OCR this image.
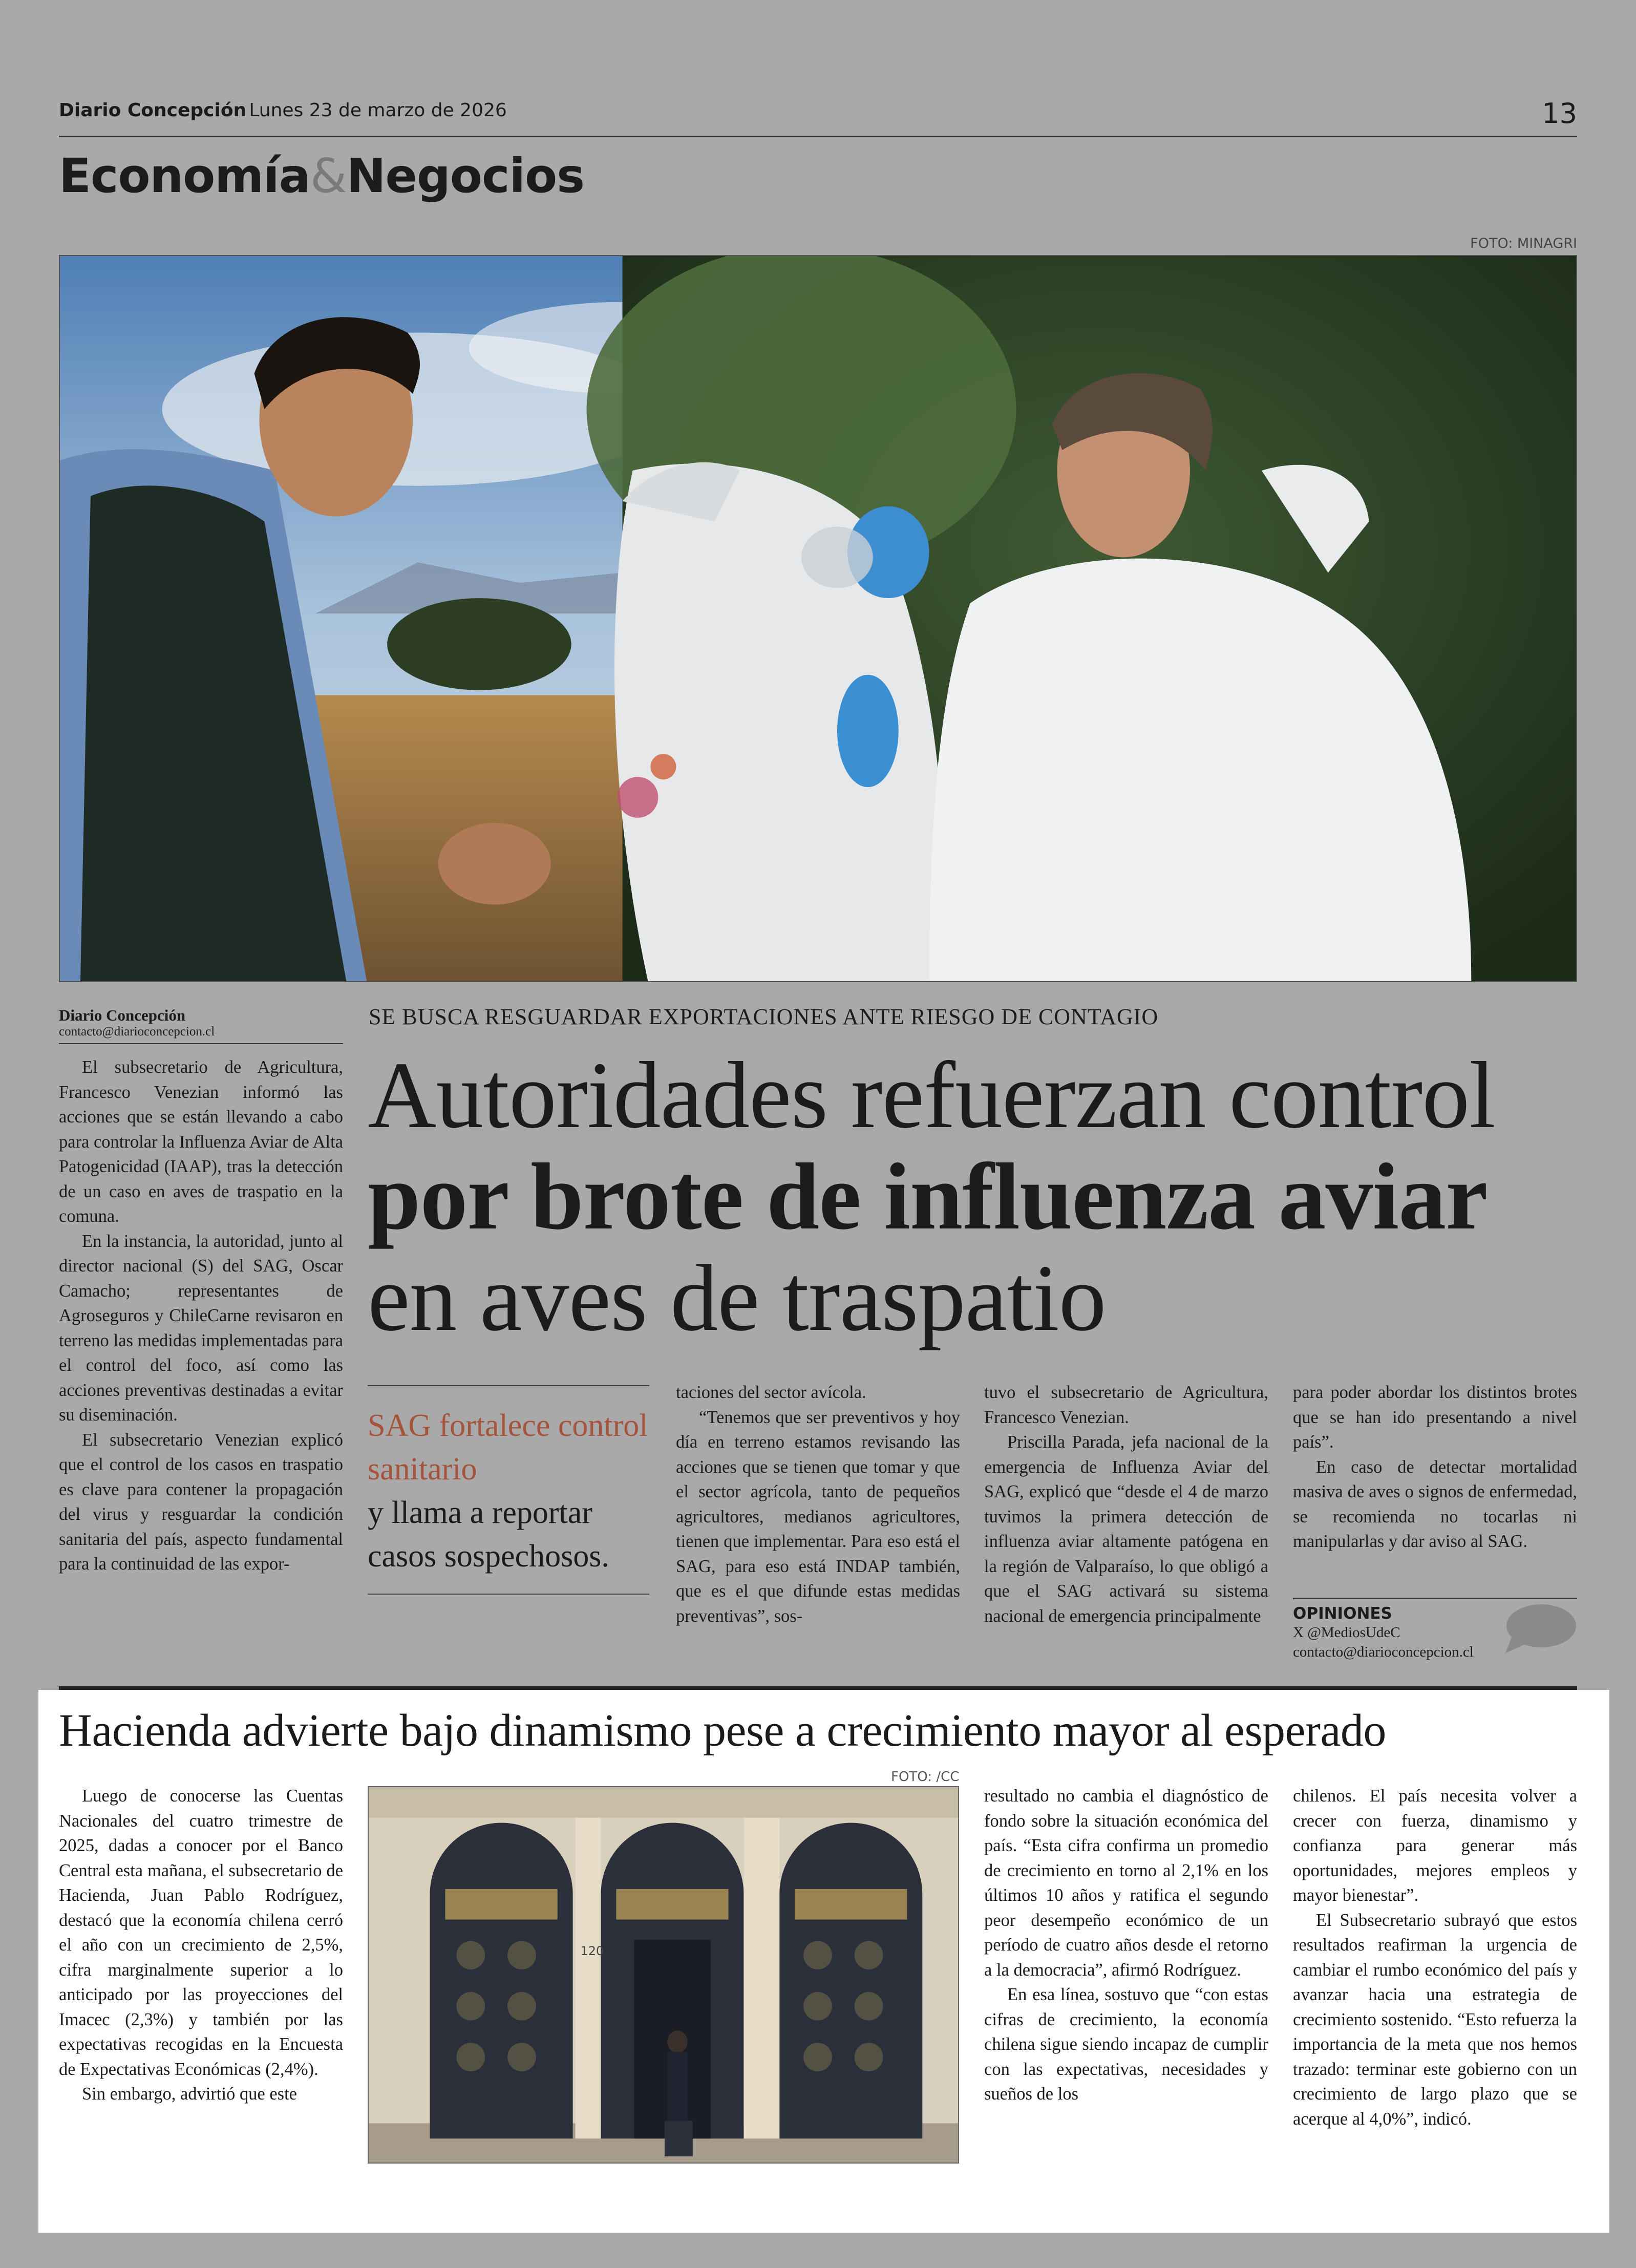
Diario Concepción Lunes 23 de marzo de 2026	13
Economía&Negocios
FOTO: MINAGRI
Diario Concepción
contacto@diarioconcepcion.cl

El subsecretario de Agricultura, Francesco Venezian informó las acciones que se están llevando a cabo para controlar la Influenza Aviar de Alta Patogenicidad (IAAP), tras la detección de un caso en aves de traspatio en la comuna.

En la instancia, la autoridad, junto al director nacional (S) del SAG, Oscar Camacho; representantes de Agroseguros y ChileCarne revisaron en terreno las medidas implementadas para el control del foco, así como las acciones preventivas destinadas a evitar su diseminación.

El subsecretario Venezian explicó que el control de los casos en traspatio es clave para contener la propagación del virus y resguardar la condición sanitaria del país, aspecto fundamental para la continuidad de las expor-

SE BUSCA RESGUARDAR EXPORTACIONES ANTE RIESGO DE CONTAGIO
Autoridades refuerzan control
por brote de influenza aviar
en aves de traspatio
SAG fortalece control sanitario
y llama a reportar casos sospechosos.
taciones del sector avícola.

“Tenemos que ser preventivos y hoy día en terreno estamos revisando las acciones que se tienen que tomar y que el sector agrícola, tanto de pequeños agricultores, medianos agricultores, tienen que implementar. Para eso está el SAG, para eso está INDAP también, que es el que difunde estas medidas preventivas”, sos-

tuvo el subsecretario de Agricultura, Francesco Venezian.

Priscilla Parada, jefa nacional de la emergencia de Influenza Aviar del SAG, explicó que “desde el 4 de marzo tuvimos la primera detección de influenza aviar altamente patógena en la región de Valparaíso, lo que obligó a que el SAG activará su sistema nacional de emergencia principalmente

para poder abordar los distintos brotes que se han ido presentando a nivel país”.

En caso de detectar mortalidad masiva de aves o signos de enfermedad, se recomienda no tocarlas ni manipularlas y dar aviso al SAG.

OPINIONES
X @MediosUdeC
contacto@diarioconcepcion.cl
Hacienda advierte bajo dinamismo pese a crecimiento mayor al esperado

Luego de conocerse las Cuentas Nacionales del cuatro trimestre de 2025, dadas a conocer por el Banco Central esta mañana, el subsecretario de Hacienda, Juan Pablo Rodríguez, destacó que la economía chilena cerró el año con un crecimiento de 2,5%, cifra marginalmente superior a lo anticipado por las proyecciones del Imacec (2,3%) y también por las expectativas recogidas en la Encuesta de Expectativas Económicas (2,4%).

Sin embargo, advirtió que este

FOTO: /CC
120
resultado no cambia el diagnóstico de fondo sobre la situación económica del país. “Esta cifra confirma un promedio de crecimiento en torno al 2,1% en los últimos 10 años y ratifica el segundo peor desempeño económico de un período de cuatro años desde el retorno a la democracia”, afirmó Rodríguez.

En esa línea, sostuvo que “con estas cifras de crecimiento, la economía chilena sigue siendo incapaz de cumplir con las expectativas, necesidades y sueños de los

chilenos. El país necesita volver a crecer con fuerza, dinamismo y confianza para generar más oportunidades, mejores empleos y mayor bienestar”.

El Subsecretario subrayó que estos resultados reafirman la urgencia de cambiar el rumbo económico del país y avanzar hacia una estrategia de crecimiento sostenido. “Esto refuerza la importancia de la meta que nos hemos trazado: terminar este gobierno con un crecimiento de largo plazo que se acerque al 4,0%”, indicó.
